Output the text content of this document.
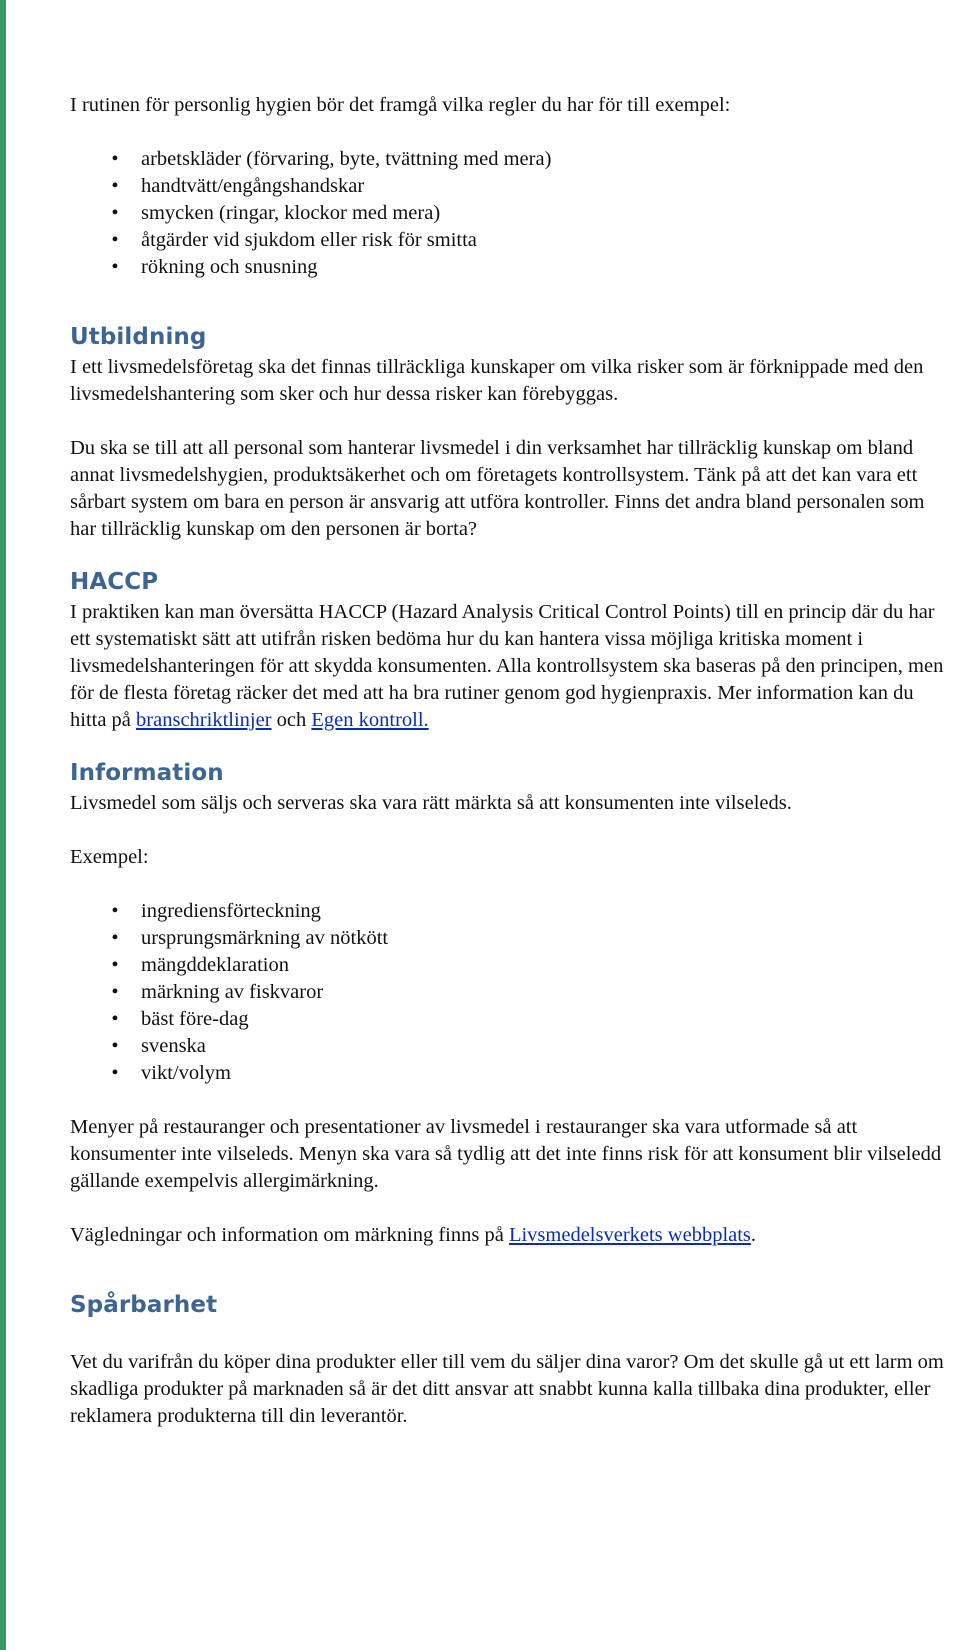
I rutinen för personlig hygien bör det framgå vilka regler du har för till exempel:

•	arbetskläder (förvaring, byte, tvättning med mera)
•	handtvätt/engångshandskar
•	smycken (ringar, klockor med mera)
•	åtgärder vid sjukdom eller risk för smitta
•	rökning och snusning
Utbildning

I ett livsmedelsföretag ska det finnas tillräckliga kunskaper om vilka risker som är förknippade med den livsmedelshantering som sker och hur dessa risker kan förebyggas.

Du ska se till att all personal som hanterar livsmedel i din verksamhet har tillräcklig kunskap om bland annat livsmedelshygien, produktsäkerhet och om företagets kontrollsystem. Tänk på att det kan vara ett sårbart system om bara en person är ansvarig att utföra kontroller. Finns det andra bland personalen som har tillräcklig kunskap om den personen är borta?

HACCP

I praktiken kan man översätta HACCP (Hazard Analysis Critical Control Points) till en princip där du har ett systematiskt sätt att utifrån risken bedöma hur du kan hantera vissa möjliga kritiska moment i livsmedelshanteringen för att skydda konsumenten. Alla kontrollsystem ska baseras på den principen, men för de flesta företag räcker det med att ha bra rutiner genom god hygienpraxis. Mer information kan du hitta på branschriktlinjer och Egen kontroll.

Information

Livsmedel som säljs och serveras ska vara rätt märkta så att konsumenten inte vilseleds.

Exempel:

•	ingrediensförteckning
•	ursprungsmärkning av nötkött
•	mängddeklaration
•	märkning av fiskvaror
•	bäst före-dag
•	svenska
•	vikt/volym

Menyer på restauranger och presentationer av livsmedel i restauranger ska vara utformade så att konsumenter inte vilseleds. Menyn ska vara så tydlig att det inte finns risk för att konsument blir vilseledd gällande exempelvis allergimärkning.

Vägledningar och information om märkning finns på Livsmedelsverkets webbplats.

Spårbarhet

Vet du varifrån du köper dina produkter eller till vem du säljer dina varor? Om det skulle gå ut ett larm om skadliga produkter på marknaden så är det ditt ansvar att snabbt kunna kalla tillbaka dina produkter, eller reklamera produkterna till din leverantör.
